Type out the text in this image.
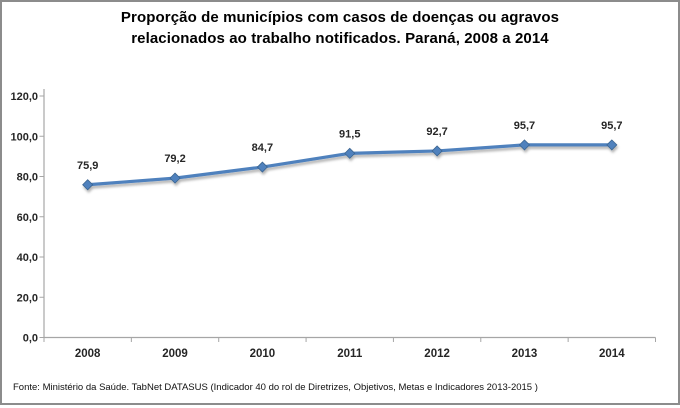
Proporção de municípios com casos de doenças ou agravos
relacionados ao trabalho notificados. Paraná, 2008 a 2014
0,0
20,0
40,0
60,0
80,0
100,0
120,0
2008	2009	2010	2011	2012	2013	2014
75,9
79,2
84,7
91,5	92,7
95,7	95,7
Fonte: Ministério da Saúde. TabNet DATASUS (Indicador 40 do rol de Diretrizes, Objetivos, Metas e Indicadores 2013-2015 )
